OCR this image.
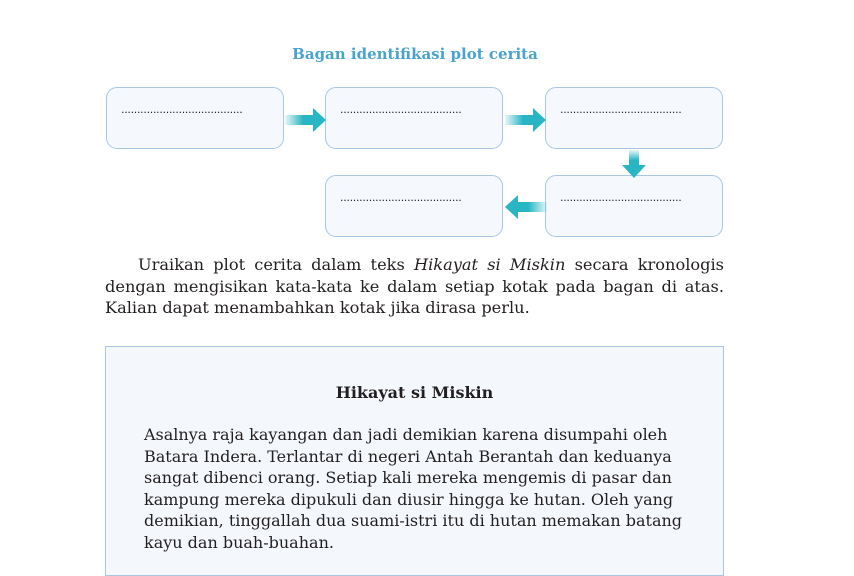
Bagan identifikasi plot cerita
......................................	......................................	......................................
......................................	......................................

Uraikan plot cerita dalam teks Hikayat si Miskin secara kronologis dengan mengisikan kata-kata ke dalam setiap kotak pada bagan di atas. Kalian dapat menambahkan kotak jika dirasa perlu.

Hikayat si Miskin

Asalnya raja kayangan dan jadi demikian karena disumpahi oleh Batara Indera. Terlantar di negeri Antah Berantah dan keduanya sangat dibenci orang. Setiap kali mereka mengemis di pasar dan kampung mereka dipukuli dan diusir hingga ke hutan. Oleh yang demikian, tinggallah dua suami-istri itu di hutan memakan batang kayu dan buah-buahan.
